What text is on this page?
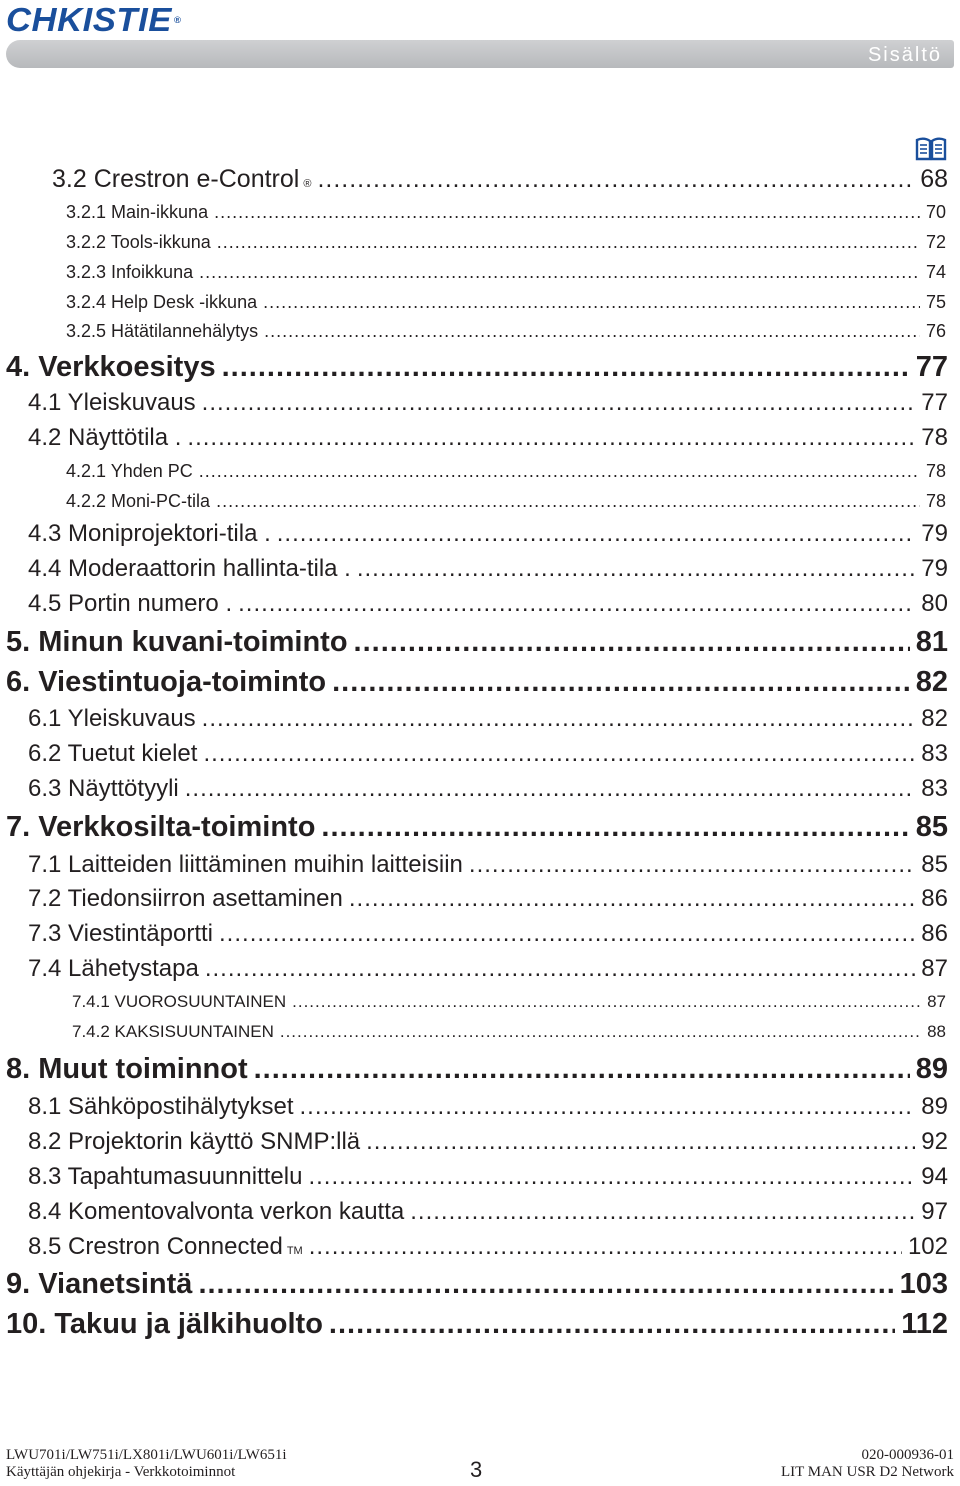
CHKISTIE ®
Sisältö
3.2 Crestron e-Control $_®$ .....	68
3.2.1 Main-ikkuna .....	70
3.2.2 Tools-ikkuna .....	72
3.2.3 Infoikkuna .....	74
3.2.4 Help Desk -ikkuna .....	75
3.2.5 Hätätilannehälytys .....	76
4. Verkkoesitys .....	77
4.1 Yleiskuvaus .....	77
4.2 Näyttötila . .....	78
4.2.1 Yhden PC .....	78
4.2.2 Moni-PC-tila .....	78
4.3 Moniprojektori-tila . .....	79
4.4 Moderaattorin hallinta-tila . .....	79
4.5 Portin numero . .....	80
5. Minun kuvani-toiminto .....	81
6. Viestintuoja-toiminto .....	82
6.1 Yleiskuvaus .....	82
6.2 Tuetut kielet .....	83
6.3 Näyttötyyli .....	83
7. Verkkosilta-toiminto .....	85
7.1 Laitteiden liittäminen muihin laitteisiin .....	85
7.2 Tiedonsiirron asettaminen .....	86
7.3 Viestintäportti .....	86
7.4 Lähetystapa .....	87
7.4.1 VUOROSUUNTAINEN .....	87
7.4.2 KAKSISUUNTAINEN .....	88
8. Muut toiminnot .....	89
8.1 Sähköpostihälytykset .....	89
8.2 Projektorin käyttö SNMP:llä .....	92
8.3 Tapahtumasuunnittelu .....	94
8.4 Komentovalvonta verkon kautta .....	97
8.5 Crestron Connected TM .....	102
9. Vianetsintä .....	103
10. Takuu ja jälkihuolto .....	112
LWU701i/LW751i/LX801i/LWU601i/LW651i
Käyttäjän ohjekirja - Verkkotoiminnot	3
020-000936-01
LIT MAN USR D2 Network
